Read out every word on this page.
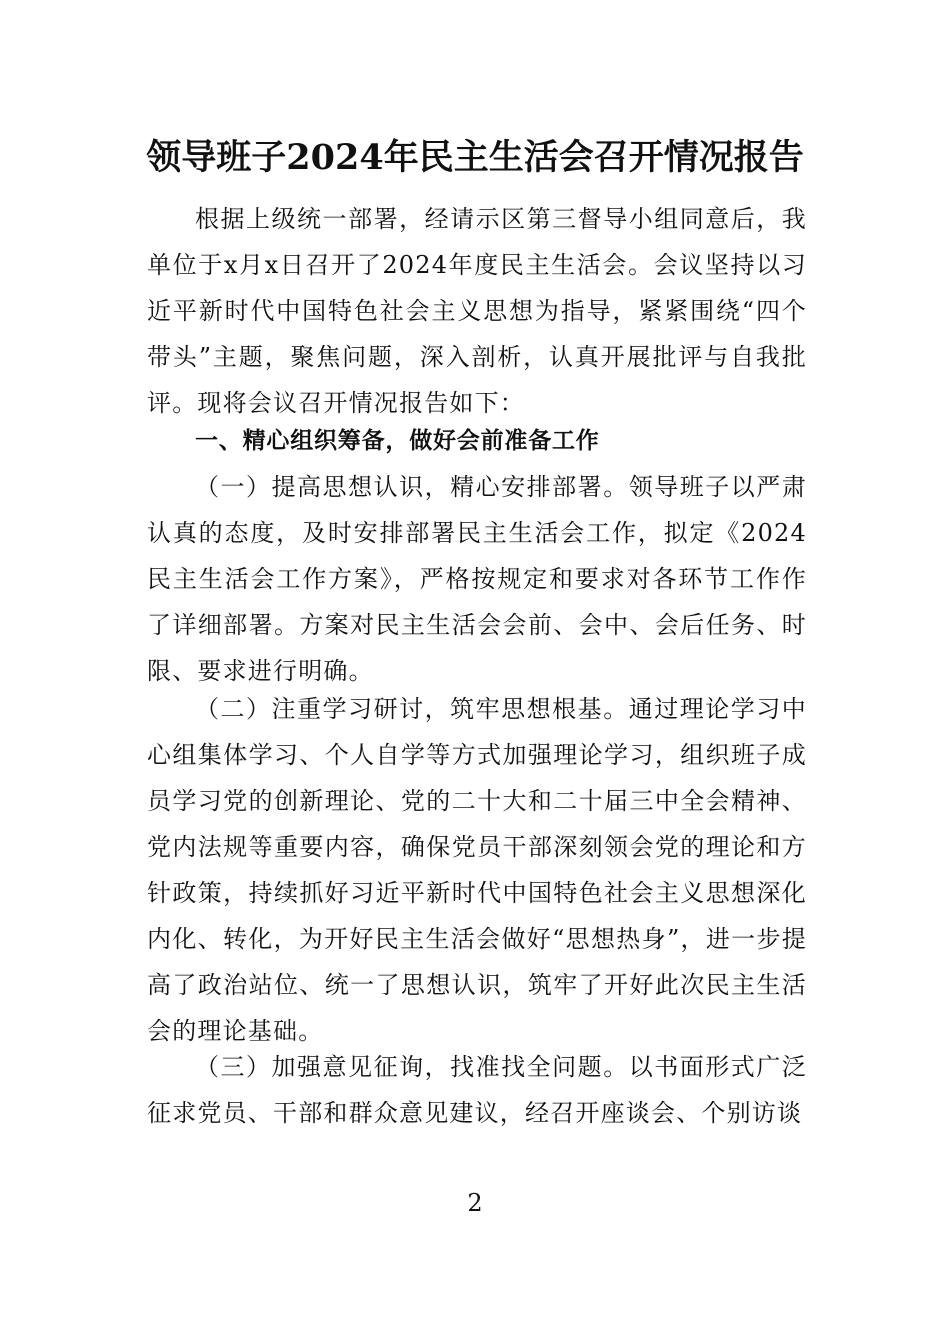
领导班子2024年民主生活会召开情况报告
根据上级统一部署，经请示区第三督导小组同意后，我单位于x月x日召开了2024年度民主生活会。会议坚持以习近平新时代中国特色社会主义思想为指导，紧紧围绕“四个带头”主题，聚焦问题，深入剖析，认真开展批评与自我批评。现将会议召开情况报告如下：
一、精心组织筹备，做好会前准备工作
（一）提高思想认识，精心安排部署。领导班子以严肃认真的态度，及时安排部署民主生活会工作，拟定《2024民主生活会工作方案》，严格按规定和要求对各环节工作作了详细部署。方案对民主生活会会前、会中、会后任务、时限、要求进行明确。
（二）注重学习研讨，筑牢思想根基。通过理论学习中心组集体学习、个人自学等方式加强理论学习，组织班子成员学习党的创新理论、党的二十大和二十届三中全会精神、党内法规等重要内容，确保党员干部深刻领会党的理论和方针政策，持续抓好习近平新时代中国特色社会主义思想深化内化、转化，为开好民主生活会做好“思想热身”，进一步提高了政治站位、统一了思想认识，筑牢了开好此次民主生活会的理论基础。
（三）加强意见征询，找准找全问题。以书面形式广泛征求党员、干部和群众意见建议，经召开座谈会、个别访谈
2
